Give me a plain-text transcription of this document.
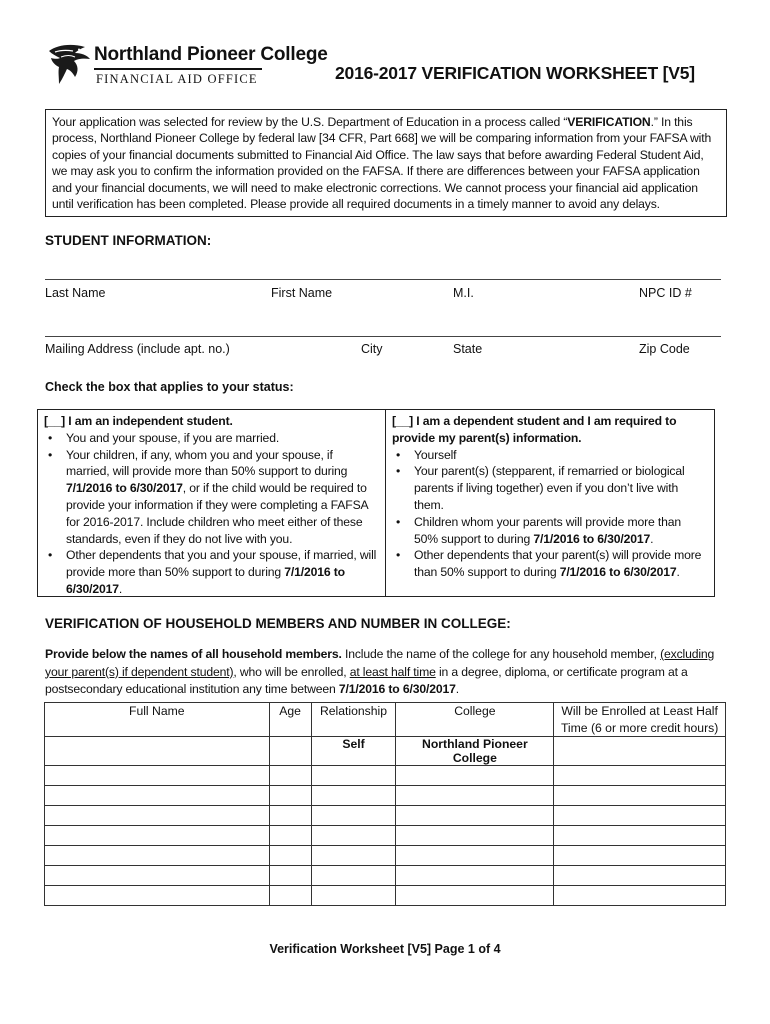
Northland Pioneer College
FINANCIAL AID OFFICE	2016-2017 VERIFICATION WORKSHEET [V5]
Your application was selected for review by the U.S. Department of Education in a process called “VERIFICATION.” In this process, Northland Pioneer College by federal law [34 CFR, Part 668] we will be comparing information from your FAFSA with copies of your financial documents submitted to Financial Aid Office. The law says that before awarding Federal Student Aid, we may ask you to confirm the information provided on the FAFSA. If there are differences between your FAFSA application and your financial documents, we will need to make electronic corrections. We cannot process your financial aid application until verification has been completed. Please provide all required documents in a timely manner to avoid any delays.
STUDENT INFORMATION:
Last Name	First Name	M.I.	NPC ID #
Mailing Address (include apt. no.)	City	State	Zip Code
Check the box that applies to your status:
[__] I am an independent student.
• You and your spouse, if you are married.
• Your children, if any, whom you and your spouse, if married, will provide more than 50% support to during 7/1/2016 to 6/30/2017, or if the child would be required to provide your information if they were completing a FAFSA for 2016-2017. Include children who meet either of these standards, even if they do not live with you.
• Other dependents that you and your spouse, if married, will provide more than 50% support to during 7/1/2016 to 6/30/2017.
[__] I am a dependent student and I am required to provide my parent(s) information.
• Yourself
• Your parent(s) (stepparent, if remarried or biological parents if living together) even if you don’t live with them.
• Children whom your parents will provide more than 50% support to during 7/1/2016 to 6/30/2017.
• Other dependents that your parent(s) will provide more than 50% support to during 7/1/2016 to 6/30/2017.
VERIFICATION OF HOUSEHOLD MEMBERS AND NUMBER IN COLLEGE:
Provide below the names of all household members. Include the name of the college for any household member, (excluding your parent(s) if dependent student), who will be enrolled, at least half time in a degree, diploma, or certificate program at a postsecondary educational institution any time between 7/1/2016 to 6/30/2017.
Full Name	Age	Relationship	College	Will be Enrolled at Least Half Time (6 or more credit hours)
		Self	Northland Pioneer College	

Verification Worksheet [V5] Page 1 of 4
